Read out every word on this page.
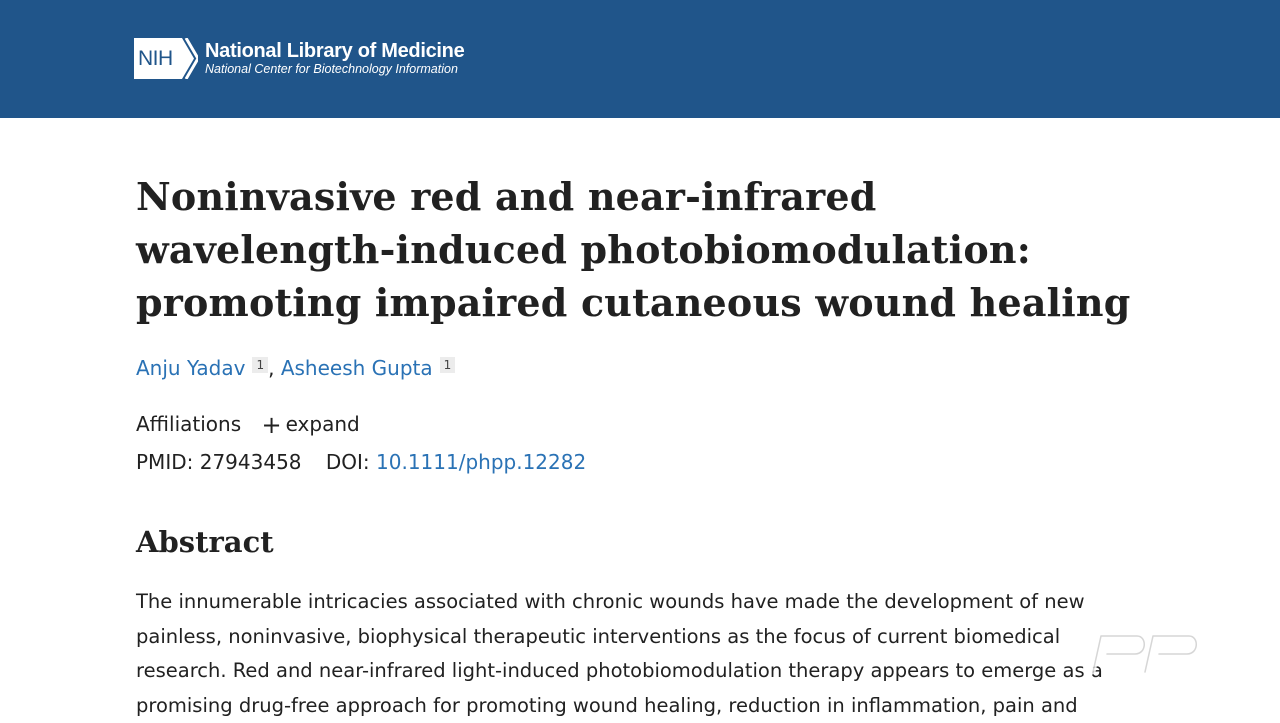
NIH National Library of Medicine
National Center for Biotechnology Information
Noninvasive red and near-infrared wavelength-induced photobiomodulation: promoting impaired cutaneous wound healing
Anju Yadav 1 , Asheesh Gupta 1
Affiliations + expand
PMID: 27943458 DOI: 10.1111/phpp.12282
Abstract

The innumerable intricacies associated with chronic wounds have made the development of new painless, noninvasive, biophysical therapeutic interventions as the focus of current biomedical research. Red and near-infrared light-induced photobiomodulation therapy appears to emerge as a promising drug-free approach for promoting wound healing, reduction in inflammation, pain and
